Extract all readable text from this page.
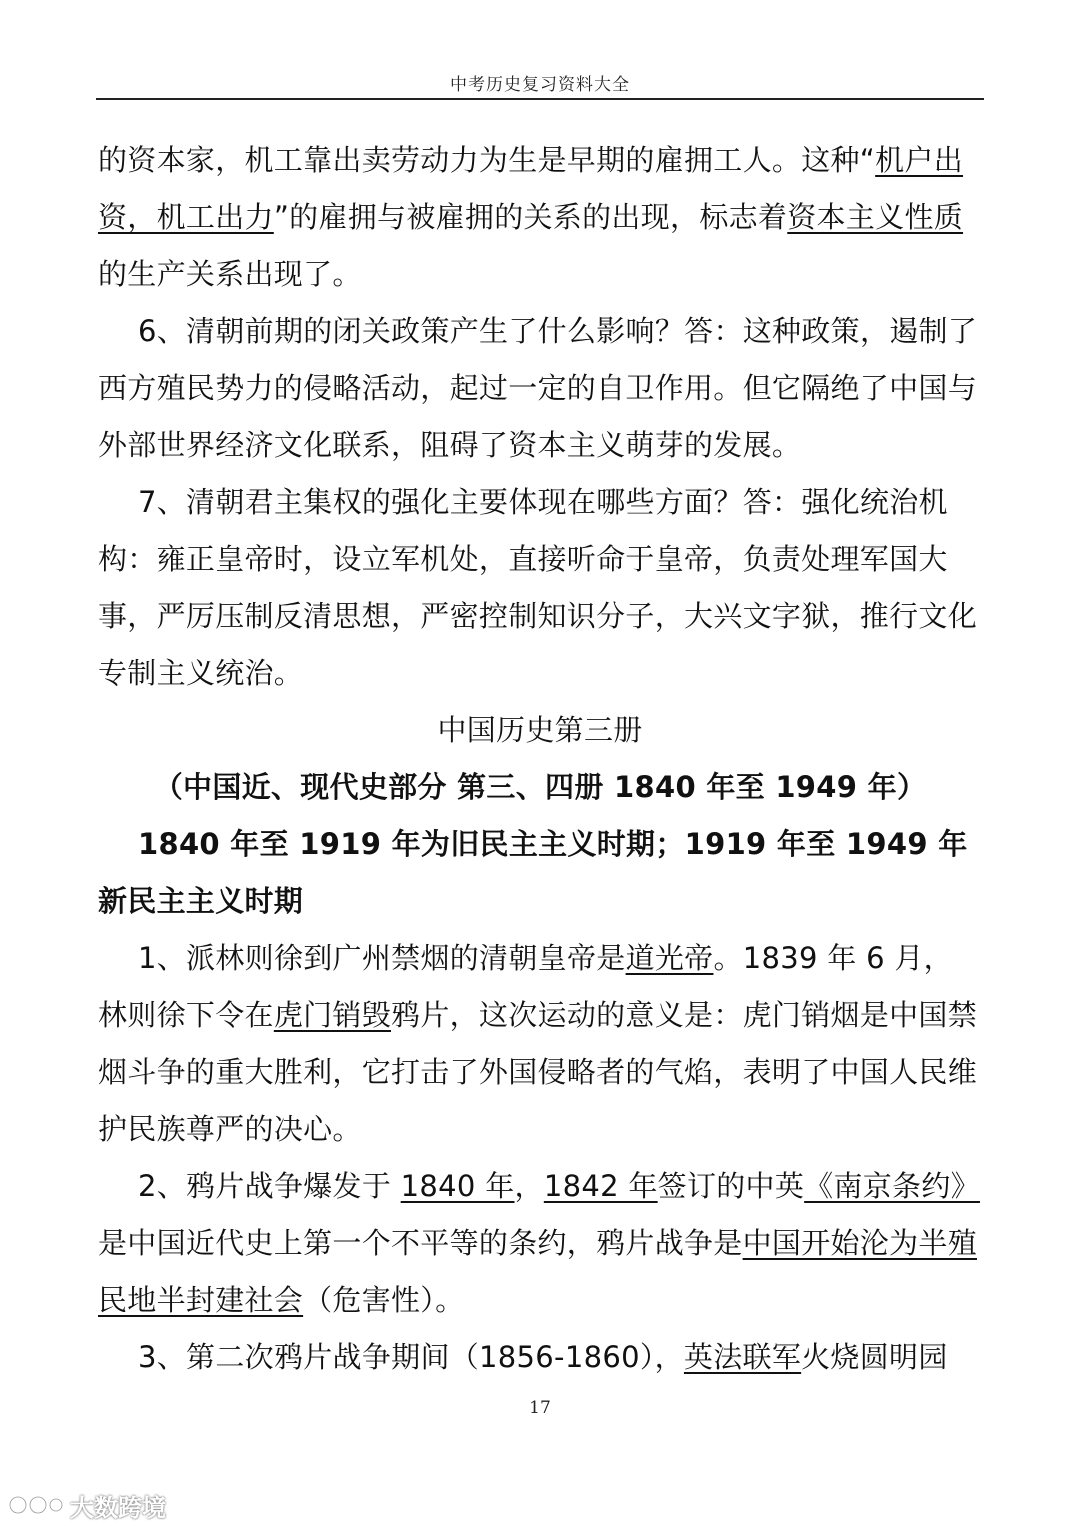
中考历史复习资料大全

的资本家，机工靠出卖劳动力为生是早期的雇拥工人。这种“机户出资，机工出力”的雇拥与被雇拥的关系的出现，标志着资本主义性质的生产关系出现了。

6、清朝前期的闭关政策产生了什么影响？答：这种政策，遏制了西方殖民势力的侵略活动，起过一定的自卫作用。但它隔绝了中国与外部世界经济文化联系，阻碍了资本主义萌芽的发展。

7、清朝君主集权的强化主要体现在哪些方面？答：强化统治机构：雍正皇帝时，设立军机处，直接听命于皇帝，负责处理军国大事，严厉压制反清思想，严密控制知识分子，大兴文字狱，推行文化专制主义统治。

中国历史第三册

（中国近、现代史部分 第三、四册 1840 年至 1949 年）

1840 年至 1919 年为旧民主主义时期；1919 年至 1949 年新民主主义时期

1、派林则徐到广州禁烟的清朝皇帝是道光帝。1839 年 6 月，林则徐下令在虎门销毁鸦片，这次运动的意义是：虎门销烟是中国禁烟斗争的重大胜利，它打击了外国侵略者的气焰，表明了中国人民维护民族尊严的决心。

2、鸦片战争爆发于 1840 年，1842 年签订的中英《南京条约》是中国近代史上第一个不平等的条约，鸦片战争是中国开始沦为半殖民地半封建社会（危害性）。

3、第二次鸦片战争期间（1856-1860），英法联军火烧圆明园

17
大数跨境
